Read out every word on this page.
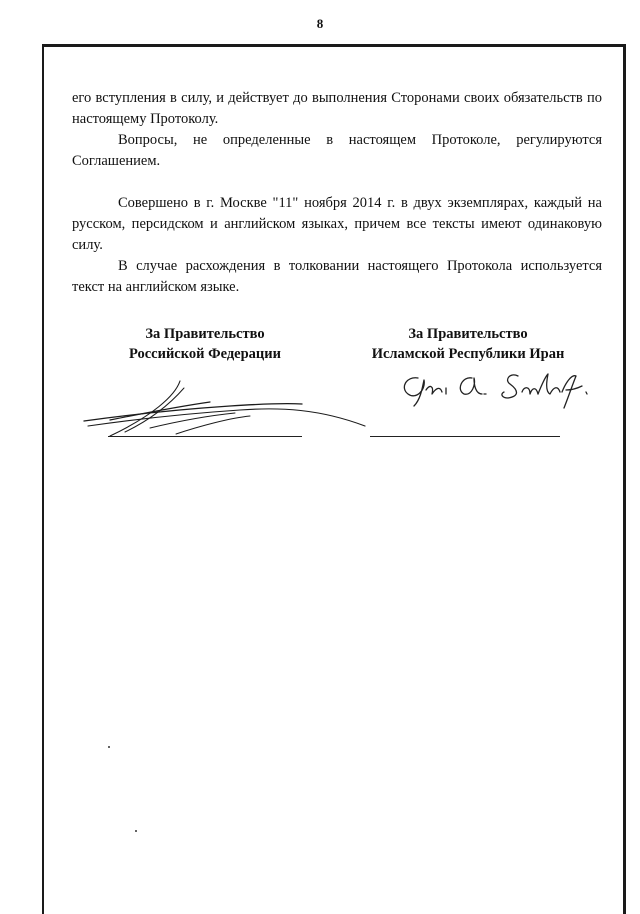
8

его вступления в силу, и действует до выполнения Сторонами своих обязательств по настоящему Протоколу.

Вопросы, не определенные в настоящем Протоколе, регулируются Соглашением.

Совершено в г. Москве "11" ноября 2014 г. в двух экземплярах, каждый на русском, персидском и английском языках, причем все тексты имеют одинаковую силу.

В случае расхождения в толковании настоящего Протокола используется текст на английском языке.

За Правительство
Российской Федерации
За Правительство
Исламской Республики Иран
